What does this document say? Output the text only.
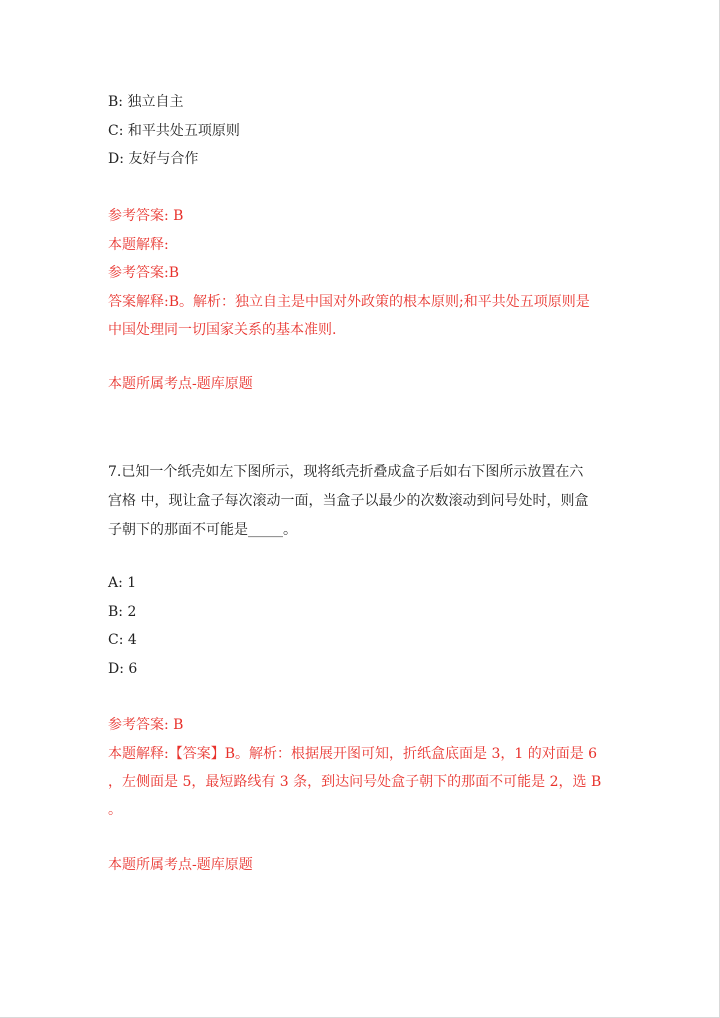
B: 独立自主
C: 和平共处五项原则
D: 友好与合作
参考答案: B
本题解释:
参考答案:B
答案解释:B。解析：独立自主是中国对外政策的根本原则;和平共处五项原则是
中国处理同一切国家关系的基本准则.
本题所属考点-题库原题
7.已知一个纸壳如左下图所示，现将纸壳折叠成盒子后如右下图所示放置在六
宫格 中，现让盒子每次滚动一面，当盒子以最少的次数滚动到问号处时，则盒
子朝下的那面不可能是_____。
A: 1
B: 2
C: 4
D: 6
参考答案: B
本题解释:【答案】B。解析：根据展开图可知，折纸盒底面是 3，1 的对面是 6
，左侧面是 5，最短路线有 3 条，到达问号处盒子朝下的那面不可能是 2，选 B
。
本题所属考点-题库原题
